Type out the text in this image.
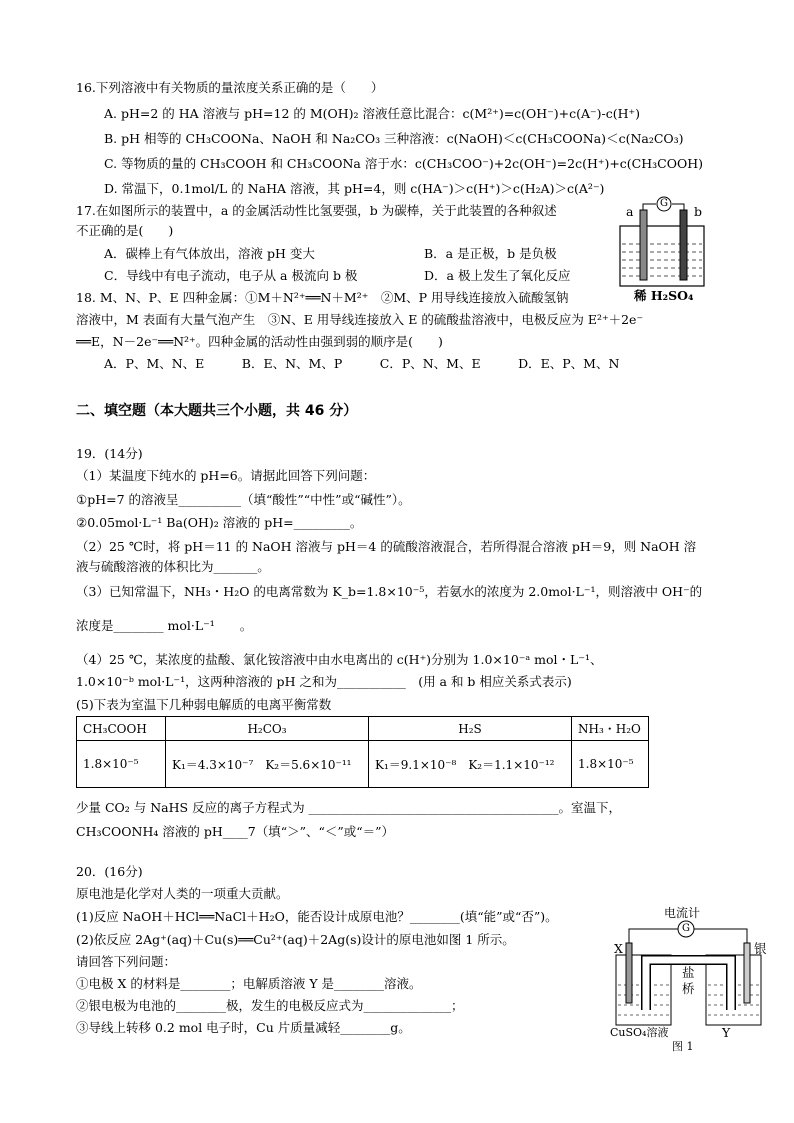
16.下列溶液中有关物质的量浓度关系正确的是（　　）
A. pH=2 的 HA 溶液与 pH=12 的 M(OH)₂ 溶液任意比混合：c(M²⁺)=c(OH⁻)+c(A⁻)-c(H⁺)
B. pH 相等的 CH₃COONa、NaOH 和 Na₂CO₃ 三种溶液：c(NaOH)＜c(CH₃COONa)＜c(Na₂CO₃)
C. 等物质的量的 CH₃COOH 和 CH₃COONa 溶于水：c(CH₃COO⁻)+2c(OH⁻)=2c(H⁺)+c(CH₃COOH)
D. 常温下，0.1mol/L 的 NaHA 溶液，其 pH=4，则 c(HA⁻)＞c(H⁺)＞c(H₂A)＞c(A²⁻)
17.在如图所示的装置中，a 的金属活动性比氢要强，b 为碳棒，关于此装置的各种叙述
不正确的是(　　)
A．碳棒上有气体放出，溶液 pH 变大	B．a 是正极，b 是负极
C．导线中有电子流动，电子从 a 极流向 b 极	D．a 极上发生了氧化反应
G
a	b
稀 H₂SO₄
18. M、N、P、E 四种金属：①M＋N²⁺══N＋M²⁺　②M、P 用导线连接放入硫酸氢钠
溶液中，M 表面有大量气泡产生　③N、E 用导线连接放入 E 的硫酸盐溶液中，电极反应为 E²⁺＋2e⁻
══E，N－2e⁻══N²⁺。四种金属的活动性由强到弱的顺序是(　　)
A．P、M、N、E　　　B．E、N、M、P　　　C．P、N、M、E　　　D．E、P、M、N
二、填空题（本大题共三个小题，共 46 分）
19．(14分)
（1）某温度下纯水的 pH=6。请据此回答下列问题：
①pH=7 的溶液呈__________（填“酸性”“中性”或“碱性”）。
②0.05mol·L⁻¹ Ba(OH)₂ 溶液的 pH=_________。
（2）25 ℃时，将 pH＝11 的 NaOH 溶液与 pH＝4 的硫酸溶液混合，若所得混合溶液 pH＝9，则 NaOH 溶
液与硫酸溶液的体积比为_______。
（3）已知常温下，NH₃・H₂O 的电离常数为 K_b=1.8×10⁻⁵，若氨水的浓度为 2.0mol·L⁻¹，则溶液中 OH⁻的
浓度是________ mol·L⁻¹　　。
（4）25 ℃，某浓度的盐酸、氯化铵溶液中由水电离出的 c(H⁺)分别为 1.0×10⁻ᵃ mol・L⁻¹、
1.0×10⁻ᵇ mol·L⁻¹，这两种溶液的 pH 之和为___________　(用 a 和 b 相应关系式表示)
(5)下表为室温下几种弱电解质的电离平衡常数
CH₃COOH	H₂CO₃	H₂S	NH₃・H₂O
1.8×10⁻⁵	K₁＝4.3×10⁻⁷　K₂＝5.6×10⁻¹¹	K₁＝9.1×10⁻⁸　K₂＝1.1×10⁻¹²	1.8×10⁻⁵
少量 CO₂ 与 NaHS 反应的离子方程式为 ________________________________________。室温下，
CH₃COONH₄ 溶液的 pH____7（填“＞”、“＜”或“＝”）
20．(16分)
原电池是化学对人类的一项重大贡献。
(1)反应 NaOH＋HCl══NaCl＋H₂O，能否设计成原电池？________(填“能”或“否”)。
(2)依反应 2Ag⁺(aq)＋Cu(s)══Cu²⁺(aq)＋2Ag(s)设计的原电池如图 1 所示。
请回答下列问题：
①电极 X 的材料是________；电解质溶液 Y 是________溶液。
②银电极为电池的________极，发生的电极反应式为______________；
③导线上转移 0.2 mol 电子时，Cu 片质量减轻________g。
电流计
G
X	银
盐
桥
CuSO₄溶液	Y
图 1
